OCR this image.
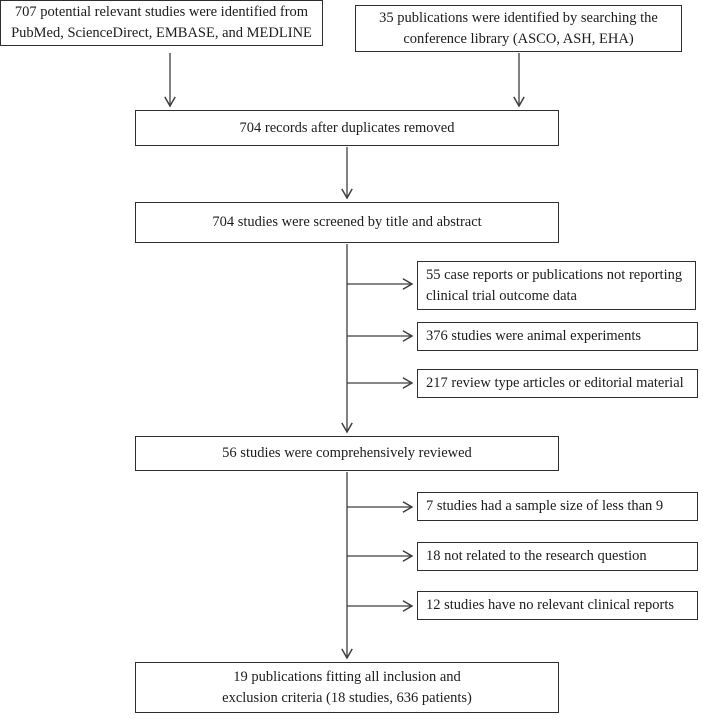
707 potential relevant studies were identified from
PubMed, ScienceDirect, EMBASE, and MEDLINE
35 publications were identified by searching the
conference library (ASCO, ASH, EHA)
704 records after duplicates removed
704 studies were screened by title and abstract
55 case reports or publications not reporting
clinical trial outcome data
376 studies were animal experiments
217 review type articles or editorial material
56 studies were comprehensively reviewed
7 studies had a sample size of less than 9
18 not related to the research question
12 studies have no relevant clinical reports
19 publications fitting all inclusion and
exclusion criteria (18 studies, 636 patients)
